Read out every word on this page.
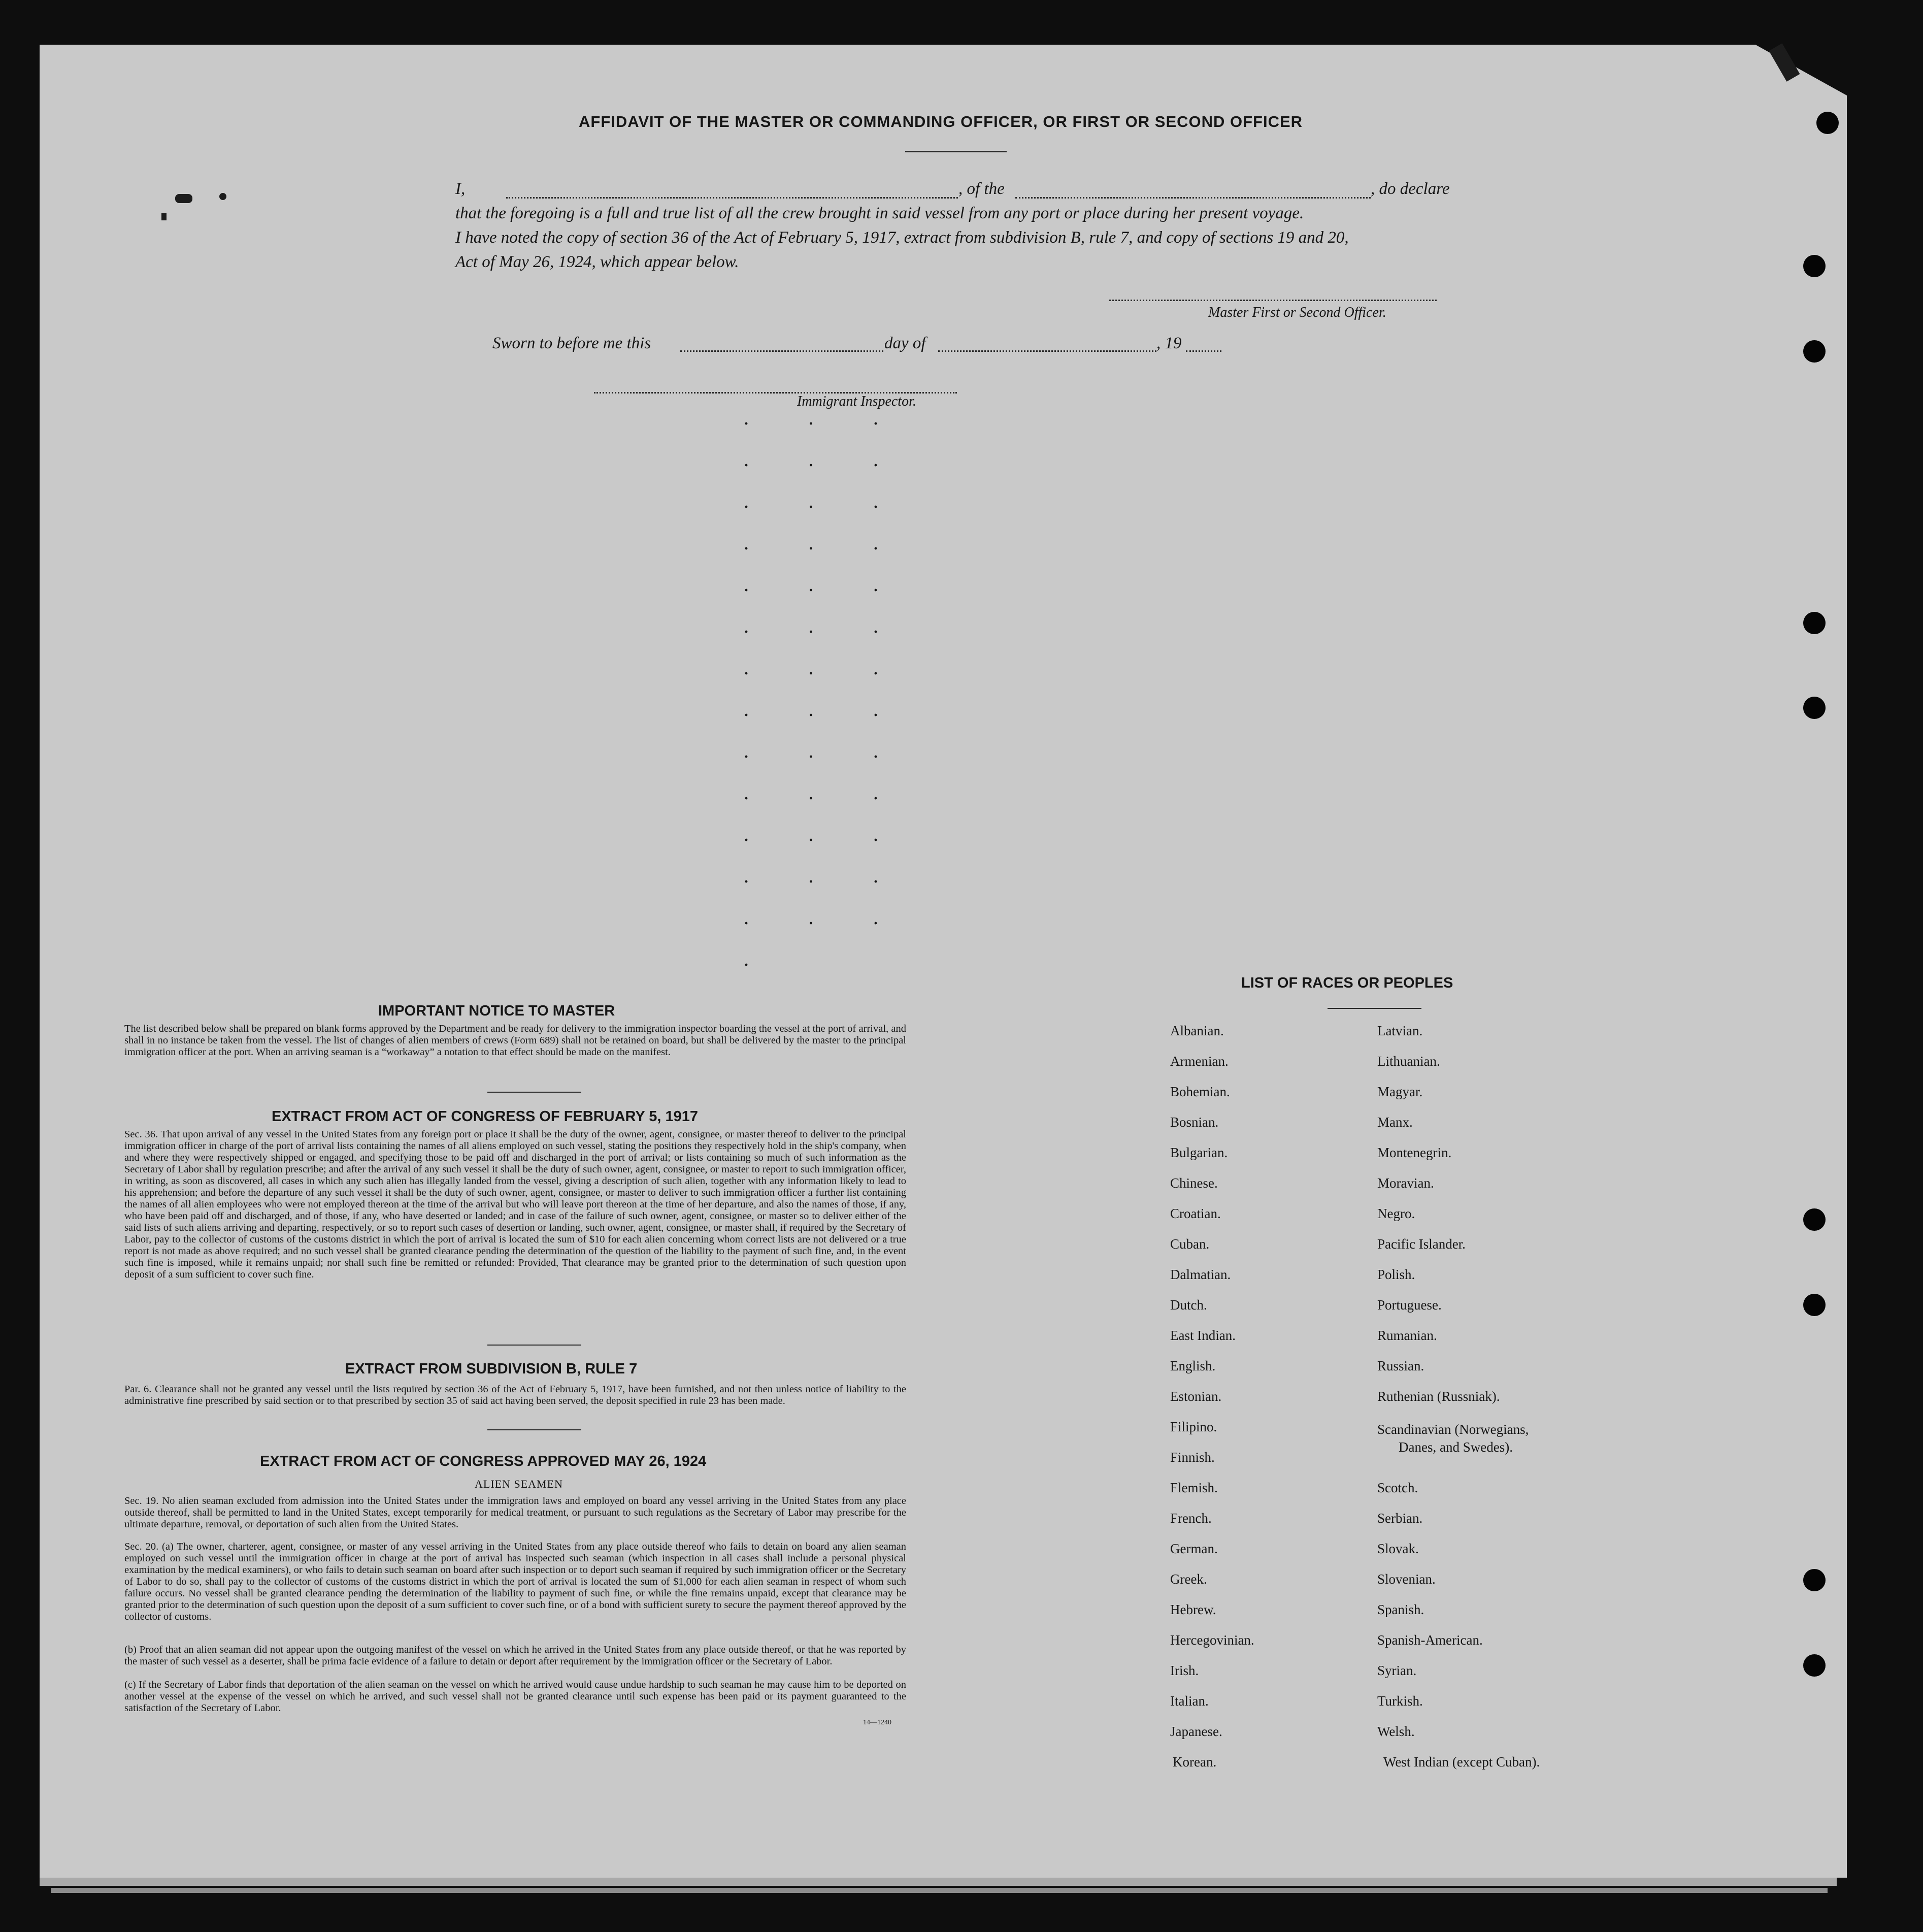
AFFIDAVIT OF THE MASTER OR COMMANDING OFFICER, OR FIRST OR SECOND OFFICER
I,	, of the	, do declare
that the foregoing is a full and true list of all the crew brought in said vessel from any port or place during her present voyage.
I have noted the copy of section 36 of the Act of February 5, 1917, extract from subdivision B, rule 7, and copy of sections 19 and 20,
Act of May 26, 1924, which appear below.
Master First or Second Officer.
Sworn to before me this	day of	, 19
Immigrant Inspector.
· · ·
· · ·
· · ·
· · ·
· · ·
· · ·
· · ·
· · ·
· · ·
· · ·
· · ·
· · ·
· · ·
·
IMPORTANT NOTICE TO MASTER
The list described below shall be prepared on blank forms approved by the Department and be ready for delivery to the immigration inspector boarding the vessel at the port of arrival, and shall in no instance be taken from the vessel. The list of changes of alien members of crews (Form 689) shall not be retained on board, but shall be delivered by the master to the principal immigration officer at the port. When an arriving seaman is a “workaway” a notation to that effect should be made on the manifest.
EXTRACT FROM ACT OF CONGRESS OF FEBRUARY 5, 1917
Sec. 36. That upon arrival of any vessel in the United States from any foreign port or place it shall be the duty of the owner, agent, consignee, or master thereof to deliver to the principal immigration officer in charge of the port of arrival lists containing the names of all aliens employed on such vessel, stating the positions they respectively hold in the ship's company, when and where they were respectively shipped or engaged, and specifying those to be paid off and discharged in the port of arrival; or lists containing so much of such information as the Secretary of Labor shall by regulation prescribe; and after the arrival of any such vessel it shall be the duty of such owner, agent, consignee, or master to report to such immigration officer, in writing, as soon as discovered, all cases in which any such alien has illegally landed from the vessel, giving a description of such alien, together with any information likely to lead to his apprehension; and before the departure of any such vessel it shall be the duty of such owner, agent, consignee, or master to deliver to such immigration officer a further list containing the names of all alien employees who were not employed thereon at the time of the arrival but who will leave port thereon at the time of her departure, and also the names of those, if any, who have been paid off and discharged, and of those, if any, who have deserted or landed; and in case of the failure of such owner, agent, consignee, or master so to deliver either of the said lists of such aliens arriving and departing, respectively, or so to report such cases of desertion or landing, such owner, agent, consignee, or master shall, if required by the Secretary of Labor, pay to the collector of customs of the customs district in which the port of arrival is located the sum of $10 for each alien concerning whom correct lists are not delivered or a true report is not made as above required; and no such vessel shall be granted clearance pending the determination of the question of the liability to the payment of such fine, and, in the event such fine is imposed, while it remains unpaid; nor shall such fine be remitted or refunded: Provided, That clearance may be granted prior to the determination of such question upon deposit of a sum sufficient to cover such fine.
EXTRACT FROM SUBDIVISION B, RULE 7
Par. 6. Clearance shall not be granted any vessel until the lists required by section 36 of the Act of February 5, 1917, have been furnished, and not then unless notice of liability to the administrative fine prescribed by said section or to that prescribed by section 35 of said act having been served, the deposit specified in rule 23 has been made.
EXTRACT FROM ACT OF CONGRESS APPROVED MAY 26, 1924
ALIEN SEAMEN
Sec. 19. No alien seaman excluded from admission into the United States under the immigration laws and employed on board any vessel arriving in the United States from any place outside thereof, shall be permitted to land in the United States, except temporarily for medical treatment, or pursuant to such regulations as the Secretary of Labor may prescribe for the ultimate departure, removal, or deportation of such alien from the United States.
Sec. 20. (a) The owner, charterer, agent, consignee, or master of any vessel arriving in the United States from any place outside thereof who fails to detain on board any alien seaman employed on such vessel until the immigration officer in charge at the port of arrival has inspected such seaman (which inspection in all cases shall include a personal physical examination by the medical examiners), or who fails to detain such seaman on board after such inspection or to deport such seaman if required by such immigration officer or the Secretary of Labor to do so, shall pay to the collector of customs of the customs district in which the port of arrival is located the sum of $1,000 for each alien seaman in respect of whom such failure occurs. No vessel shall be granted clearance pending the determination of the liability to payment of such fine, or while the fine remains unpaid, except that clearance may be granted prior to the determination of such question upon the deposit of a sum sufficient to cover such fine, or of a bond with sufficient surety to secure the payment thereof approved by the collector of customs.
(b) Proof that an alien seaman did not appear upon the outgoing manifest of the vessel on which he arrived in the United States from any place outside thereof, or that he was reported by the master of such vessel as a deserter, shall be prima facie evidence of a failure to detain or deport after requirement by the immigration officer or the Secretary of Labor.
(c) If the Secretary of Labor finds that deportation of the alien seaman on the vessel on which he arrived would cause undue hardship to such seaman he may cause him to be deported on another vessel at the expense of the vessel on which he arrived, and such vessel shall not be granted clearance until such expense has been paid or its payment guaranteed to the satisfaction of the Secretary of Labor.
14—1240
LIST OF RACES OR PEOPLES
Albanian.
Armenian.
Bohemian.
Bosnian.
Bulgarian.
Chinese.
Croatian.
Cuban.
Dalmatian.
Dutch.
East Indian.
English.
Estonian.
Filipino.
Finnish.
Flemish.
French.
German.
Greek.
Hebrew.
Hercegovinian.
Irish.
Italian.
Japanese.
Korean.
Latvian.
Lithuanian.
Magyar.
Manx.
Montenegrin.
Moravian.
Negro.
Pacific Islander.
Polish.
Portuguese.
Rumanian.
Russian.
Ruthenian (Russniak).
Scandinavian (Norwegians,
Danes, and Swedes).
Scotch.
Serbian.
Slovak.
Slovenian.
Spanish.
Spanish-American.
Syrian.
Turkish.
Welsh.
West Indian (except Cuban).
